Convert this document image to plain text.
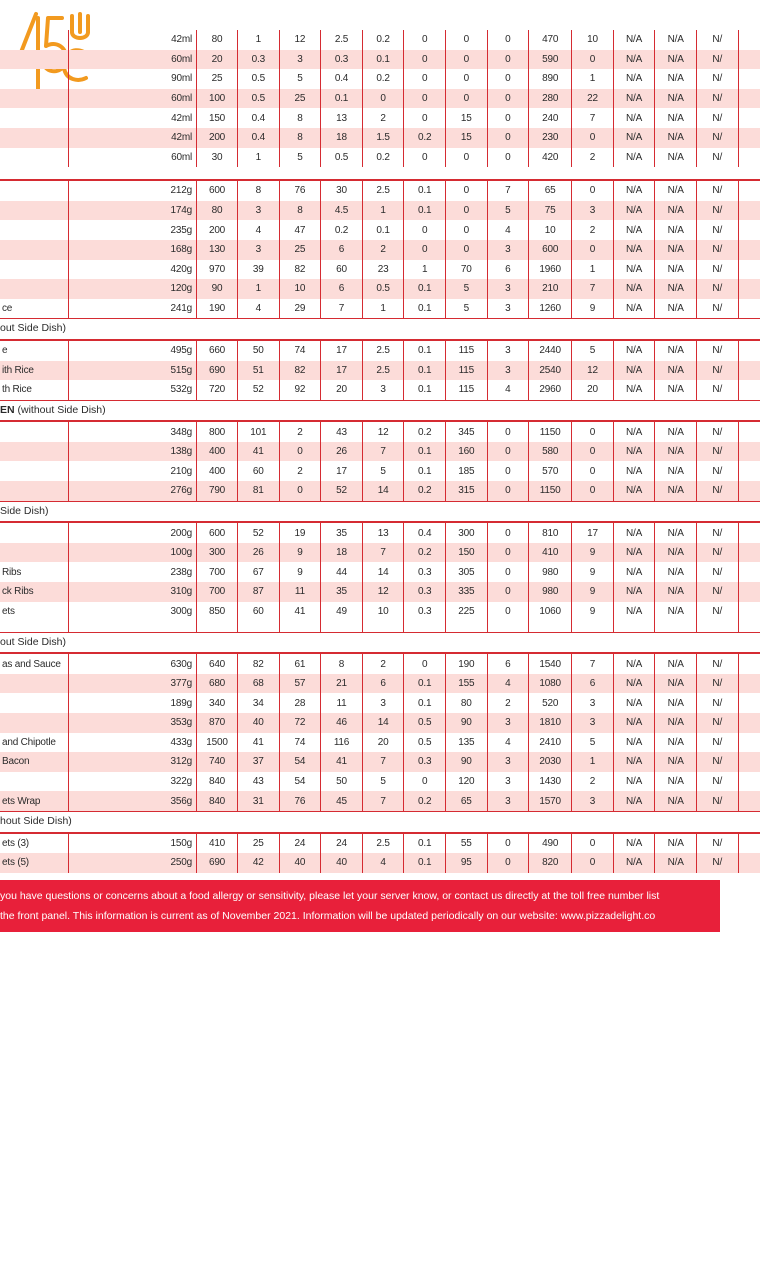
42ml	80	1	12	2.5	0.2	0	0	0	470	10	N/A	N/A	N/
60ml	20	0.3	3	0.3	0.1	0	0	0	590	0	N/A	N/A	N/
90ml	25	0.5	5	0.4	0.2	0	0	0	890	1	N/A	N/A	N/
60ml	100	0.5	25	0.1	0	0	0	0	280	22	N/A	N/A	N/
42ml	150	0.4	8	13	2	0	15	0	240	7	N/A	N/A	N/
42ml	200	0.4	8	18	1.5	0.2	15	0	230	0	N/A	N/A	N/
60ml	30	1	5	0.5	0.2	0	0	0	420	2	N/A	N/A	N/
212g	600	8	76	30	2.5	0.1	0	7	65	0	N/A	N/A	N/
174g	80	3	8	4.5	1	0.1	0	5	75	3	N/A	N/A	N/
235g	200	4	47	0.2	0.1	0	0	4	10	2	N/A	N/A	N/
168g	130	3	25	6	2	0	0	3	600	0	N/A	N/A	N/
420g	970	39	82	60	23	1	70	6	1960	1	N/A	N/A	N/
120g	90	1	10	6	0.5	0.1	5	3	210	7	N/A	N/A	N/
ce	241g	190	4	29	7	1	0.1	5	3	1260	9	N/A	N/A	N/
out Side Dish)
e	495g	660	50	74	17	2.5	0.1	115	3	2440	5	N/A	N/A	N/
ith Rice	515g	690	51	82	17	2.5	0.1	115	3	2540	12	N/A	N/A	N/
th Rice	532g	720	52	92	20	3	0.1	115	4	2960	20	N/A	N/A	N/
EN (without Side Dish)
348g	800	101	2	43	12	0.2	345	0	1150	0	N/A	N/A	N/
138g	400	41	0	26	7	0.1	160	0	580	0	N/A	N/A	N/
210g	400	60	2	17	5	0.1	185	0	570	0	N/A	N/A	N/
276g	790	81	0	52	14	0.2	315	0	1150	0	N/A	N/A	N/
Side Dish)
200g	600	52	19	35	13	0.4	300	0	810	17	N/A	N/A	N/
100g	300	26	9	18	7	0.2	150	0	410	9	N/A	N/A	N/
Ribs	238g	700	67	9	44	14	0.3	305	0	980	9	N/A	N/A	N/
ck Ribs	310g	700	87	11	35	12	0.3	335	0	980	9	N/A	N/A	N/
ets	300g	850	60	41	49	10	0.3	225	0	1060	9	N/A	N/A	N/
out Side Dish)
as and Sauce	630g	640	82	61	8	2	0	190	6	1540	7	N/A	N/A	N/
377g	680	68	57	21	6	0.1	155	4	1080	6	N/A	N/A	N/
189g	340	34	28	11	3	0.1	80	2	520	3	N/A	N/A	N/
353g	870	40	72	46	14	0.5	90	3	1810	3	N/A	N/A	N/
and Chipotle	433g	1500	41	74	116	20	0.5	135	4	2410	5	N/A	N/A	N/
Bacon	312g	740	37	54	41	7	0.3	90	3	2030	1	N/A	N/A	N/
322g	840	43	54	50	5	0	120	3	1430	2	N/A	N/A	N/
ets Wrap	356g	840	31	76	45	7	0.2	65	3	1570	3	N/A	N/A	N/
hout Side Dish)
ets (3)	150g	410	25	24	24	2.5	0.1	55	0	490	0	N/A	N/A	N/
ets (5)	250g	690	42	40	40	4	0.1	95	0	820	0	N/A	N/A	N/
you have questions or concerns about a food allergy or sensitivity, please let your server know, or contact us directly at the toll free number list
the front panel. This information is current as of November 2021. Information will be updated periodically on our website: www.pizzadelight.co
